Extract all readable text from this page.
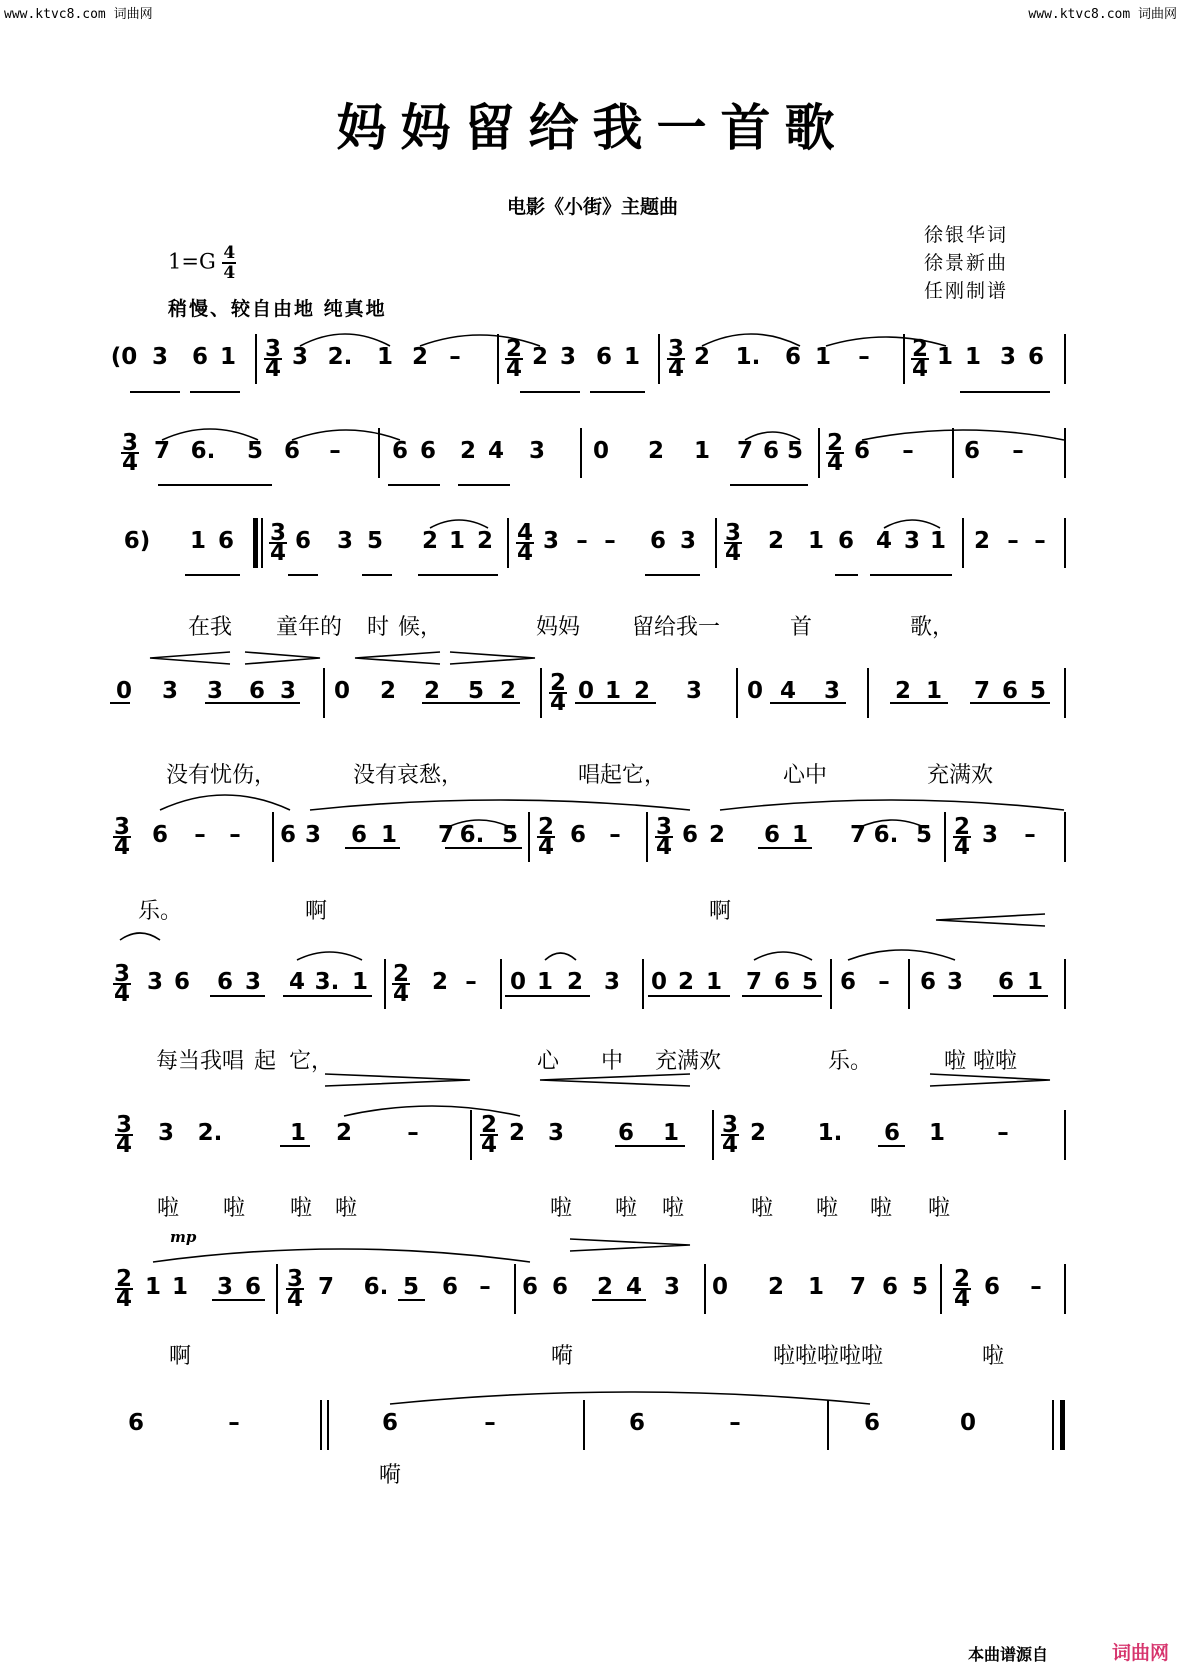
www.ktvc8.com 词曲网	www.ktvc8.com 词曲网
妈妈留给我一首歌
电影《小街》主题曲
徐银华词
徐景新曲
任刚制谱
$1=G \frac{4}{4}$
稍慢、较自由地 纯真地
(0 3 6 1 3
4 3 2. 1 2 – 2
4 2 3 6 1 3
4 2 1. 6 1 – 2
4 1 1 3 6
3
4 7 6. 5 6 – 6 6 2 4 3 0 2 1 7 6 5 2
4 6 – 6 –
6) 1 6 3
4 6 3 5 2 1 2 4
4 3 – – 6 3 3
4 2 1 6 4 3 1 2 – –
在我 童年的 时 候，	妈妈 留给我一	首	歌，
0 3 3 6 3 0 2 2 5 2 2
4 0 1 2 3 0 4 3 2 1 7 6 5
没有忧伤，	没有哀愁，	唱起它，	心中	充满欢
3
4 6 – – 6 3 6 1 7 6. 5 2
4 6 – 3
4 6 2 6 1 7 6. 5 2
4 3 –
乐。	啊	啊
3
4 3 6 6 3 4 3. 1 2
4 2 – 0 1 2 3 0 2 1 7 6 5 6 – 6 3 6 1
每当我唱 起 它，	心 中 充满欢	乐。	啦 啦啦
3
4 3 2.	1 2 –	2
4 2 3 6 1 3
4 2 1. 6 1 –
啦 啦 啦 啦	啦 啦 啦	啦 啦 啦 啦
2
4 1 1 3 6 3
4 7 6. 5 6 – 6 6 2 4 3 0 2 1 7 6 5 2
4 6 –
啊	嗬	啦啦啦啦啦	啦
6	–	6	–	6	–	6	0
嗬
本曲谱源自	词曲网
mp
